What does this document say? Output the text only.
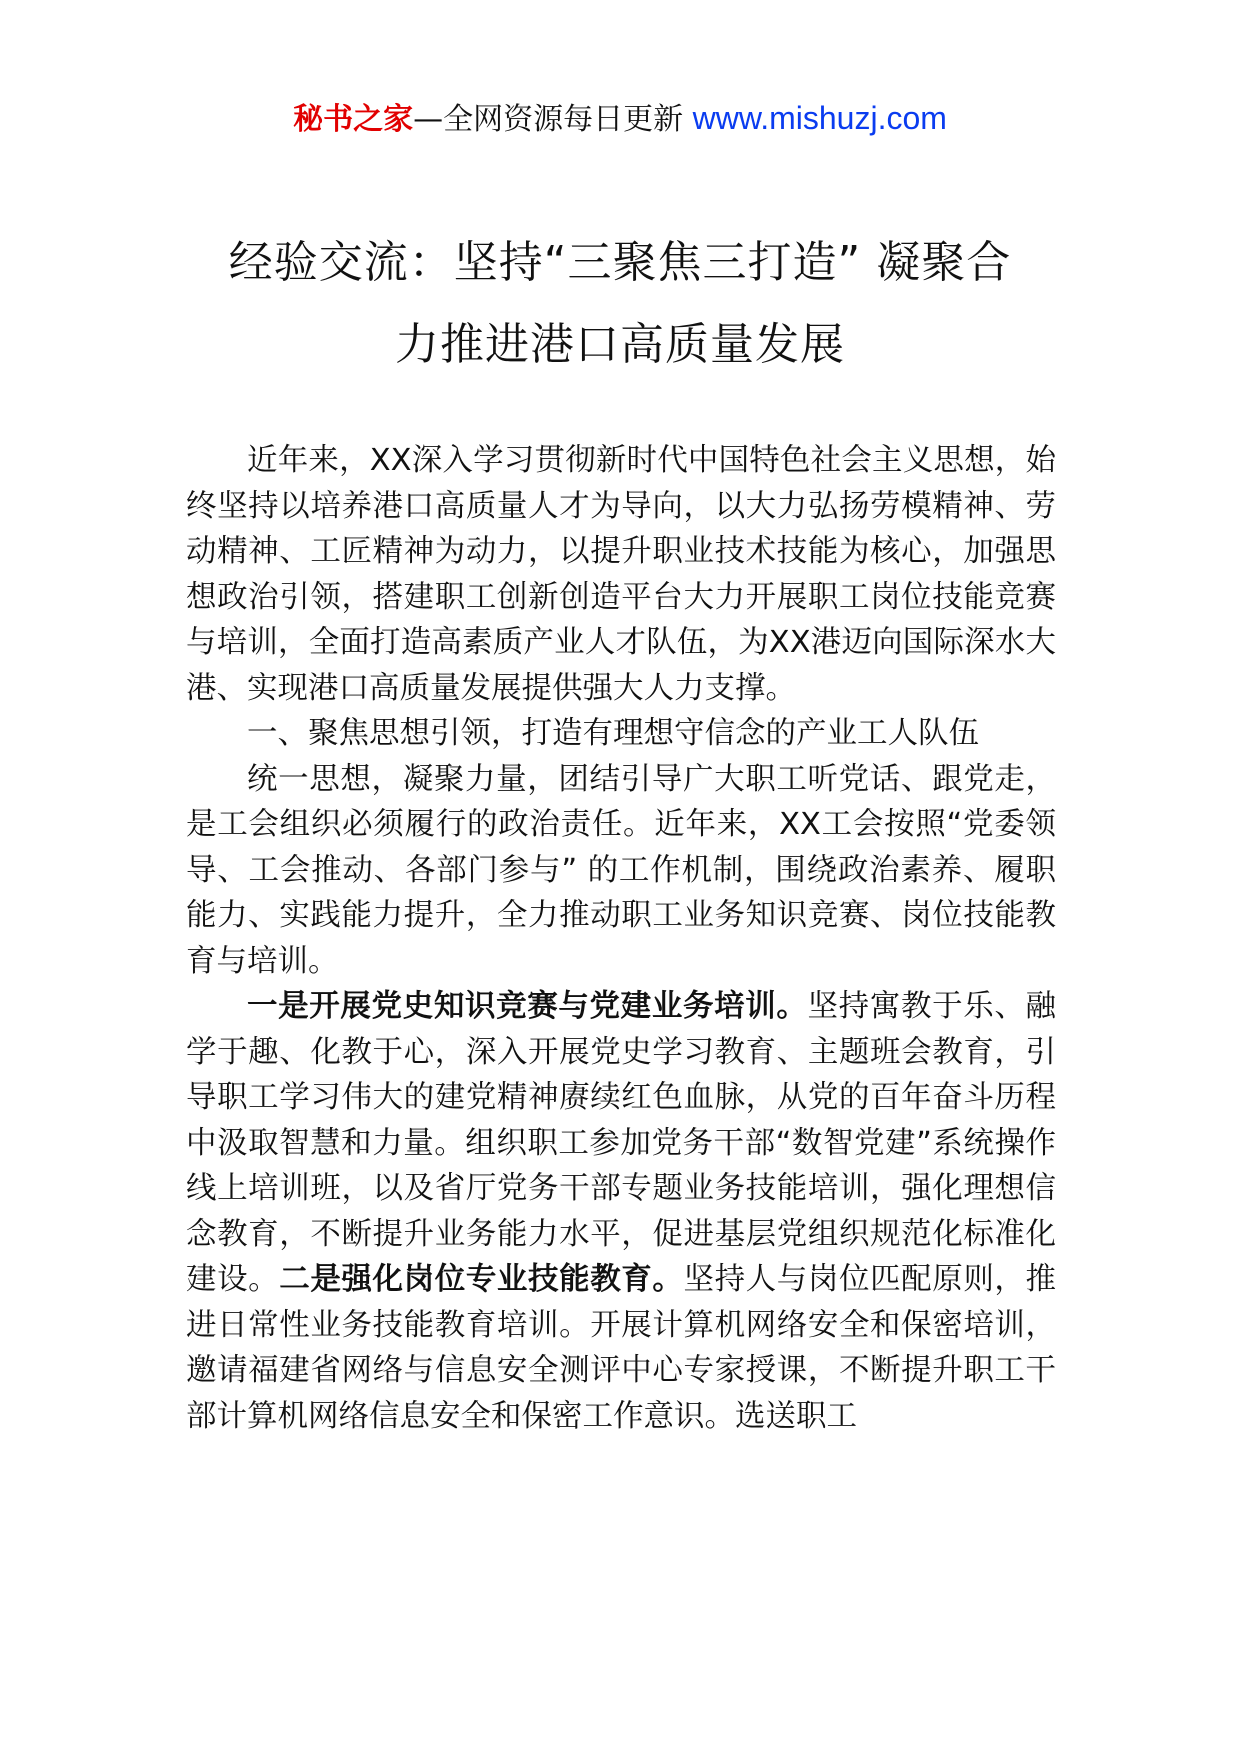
秘书之家—全网资源每日更新 www.mishuzj.com
经验交流：坚持“三聚焦三打造” 凝聚合
力推进港口高质量发展

近年来，XX深入学习贯彻新时代中国特色社会主义思想，始终坚持以培养港口高质量人才为导向，以大力弘扬劳模精神、劳动精神、工匠精神为动力，以提升职业技术技能为核心，加强思想政治引领，搭建职工创新创造平台大力开展职工岗位技能竞赛与培训，全面打造高素质产业人才队伍，为XX港迈向国际深水大港、实现港口高质量发展提供强大人力支撑。

一、聚焦思想引领，打造有理想守信念的产业工人队伍

统一思想，凝聚力量，团结引导广大职工听党话、跟党走，是工会组织必须履行的政治责任。近年来，XX工会按照“党委领导、工会推动、各部门参与” 的工作机制，围绕政治素养、履职能力、实践能力提升，全力推动职工业务知识竞赛、岗位技能教育与培训。

一是开展党史知识竞赛与党建业务培训。坚持寓教于乐、融学于趣、化教于心，深入开展党史学习教育、主题班会教育，引导职工学习伟大的建党精神赓续红色血脉，从党的百年奋斗历程中汲取智慧和力量。组织职工参加党务干部“数智党建”系统操作线上培训班，以及省厅党务干部专题业务技能培训，强化理想信念教育，不断提升业务能力水平，促进基层党组织规范化标准化建设。二是强化岗位专业技能教育。坚持人与岗位匹配原则，推进日常性业务技能教育培训。开展计算机网络安全和保密培训，邀请福建省网络与信息安全测评中心专家授课，不断提升职工干部计算机网络信息安全和保密工作意识。选送职工
